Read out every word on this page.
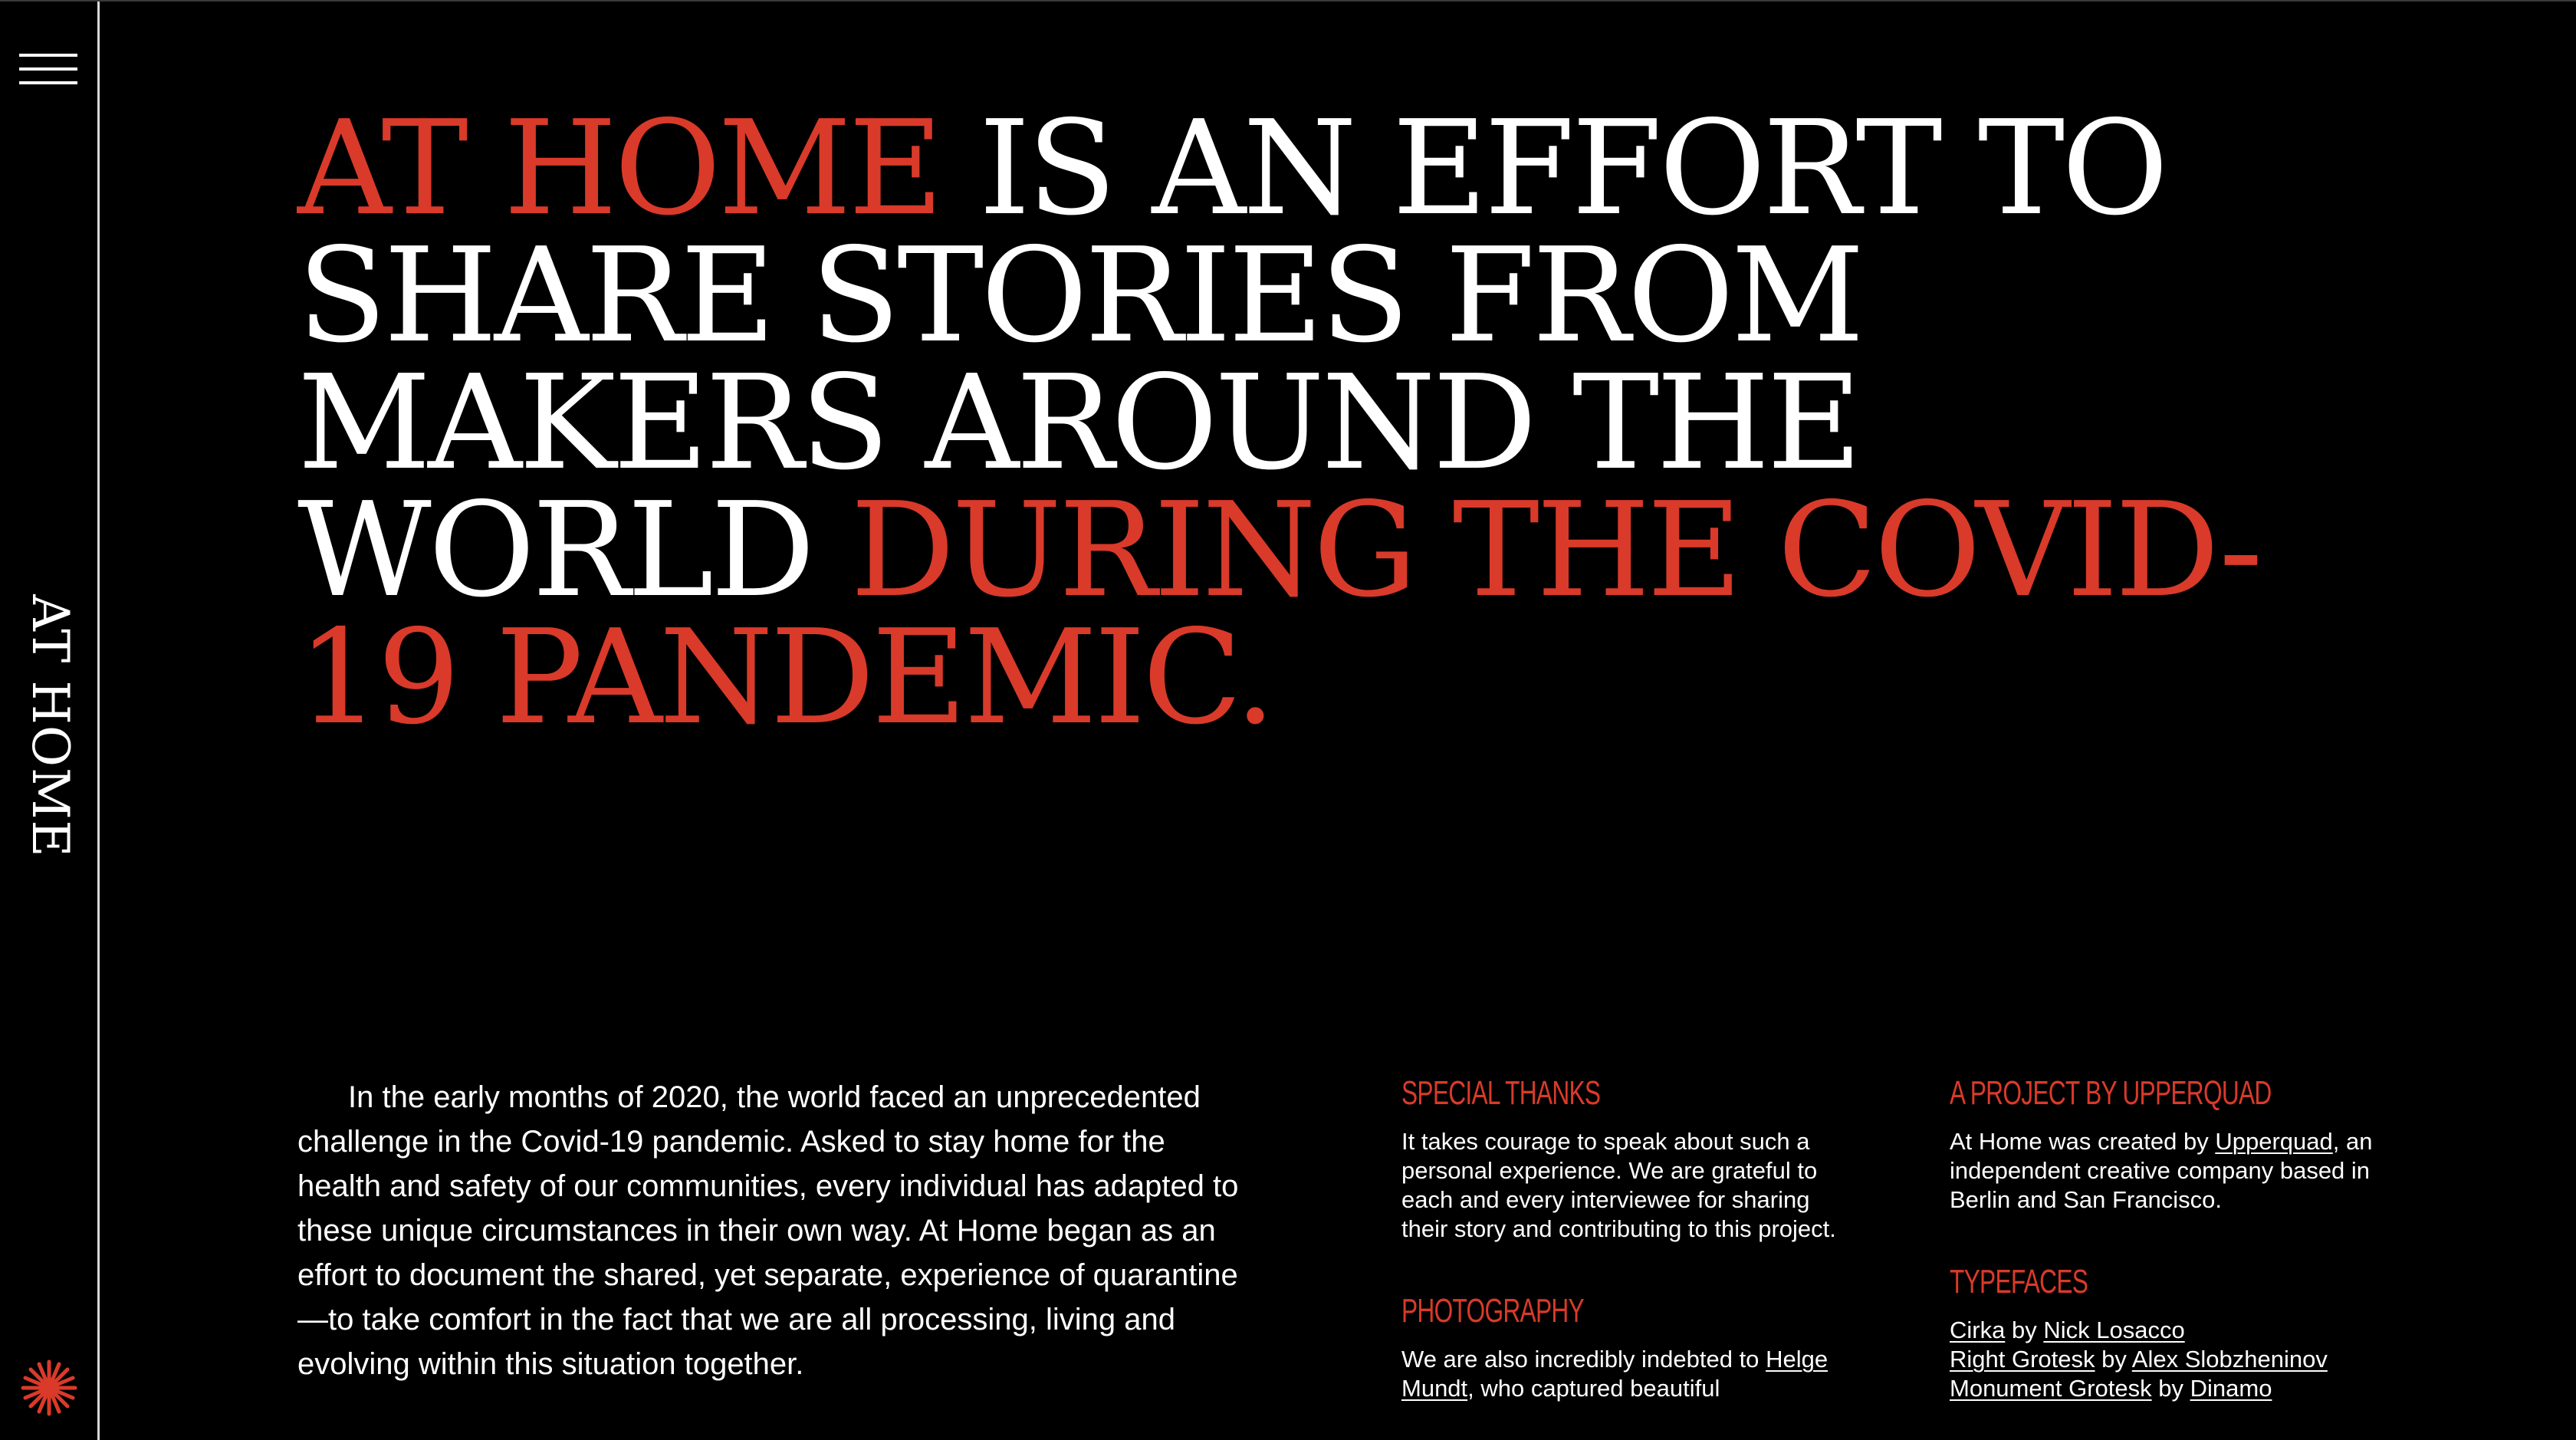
AT HOME
AT HOME IS AN EFFORT TO SHARE STORIES FROM MAKERS AROUND THE WORLD DURING THE COVID-19 PANDEMIC.

In the early months of 2020, the world faced an unprecedented challenge in the Covid-19 pandemic. Asked to stay home for the health and safety of our communities, every individual has adapted to these unique circumstances in their own way. At Home began as an effort to document the shared, yet separate, experience of quarantine—to take comfort in the fact that we are all processing, living and evolving within this situation together.

SPECIAL THANKS

It takes courage to speak about such a personal experience. We are grateful to each and every interviewee for sharing their story and contributing to this project.

PHOTOGRAPHY

We are also incredibly indebted to Helge Mundt, who captured beautiful

A PROJECT BY UPPERQUAD

At Home was created by Upperquad, an independent creative company based in Berlin and San Francisco.

TYPEFACES
Cirka by Nick Losacco
Right Grotesk by Alex Slobzheninov
Monument Grotesk by Dinamo
